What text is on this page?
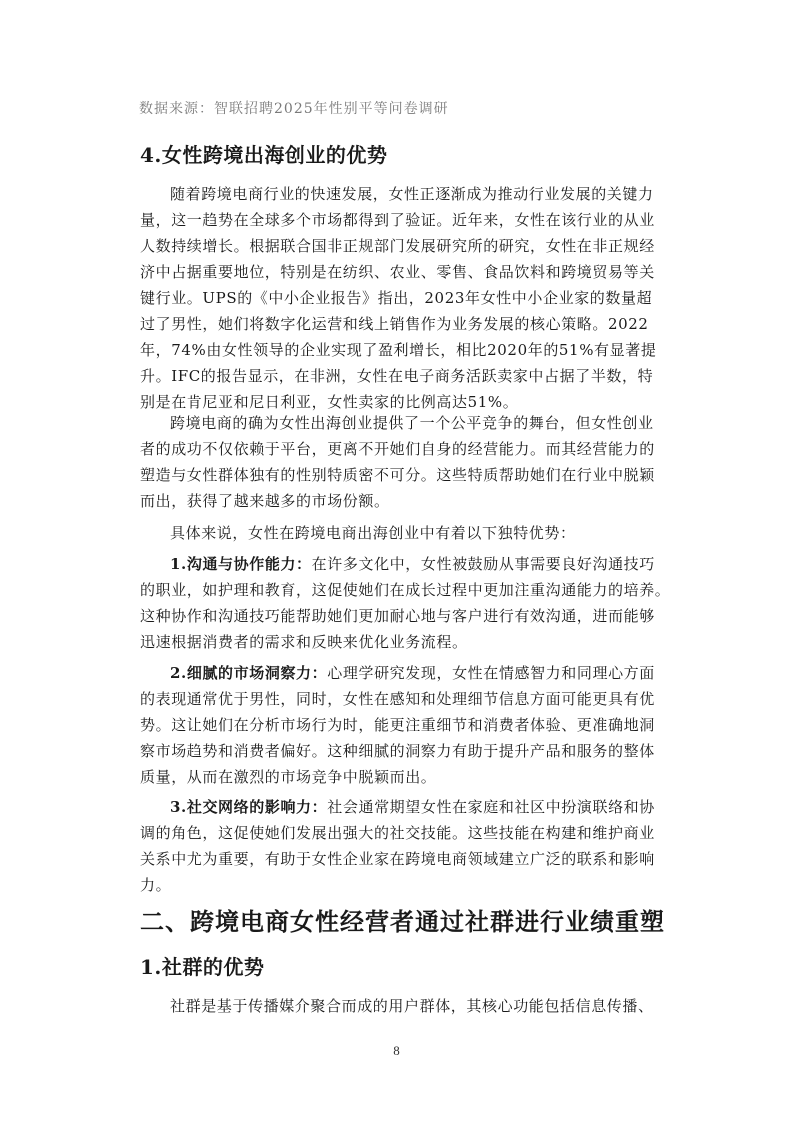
数据来源：智联招聘2025年性别平等问卷调研
4.女性跨境出海创业的优势
随着跨境电商行业的快速发展，女性正逐渐成为推动行业发展的关键力
量，这一趋势在全球多个市场都得到了验证。近年来，女性在该行业的从业
人数持续增长。根据联合国非正规部门发展研究所的研究，女性在非正规经
济中占据重要地位，特别是在纺织、农业、零售、食品饮料和跨境贸易等关
键行业。UPS的《中小企业报告》指出，2023年女性中小企业家的数量超
过了男性，她们将数字化运营和线上销售作为业务发展的核心策略。2022
年，74%由女性领导的企业实现了盈利增长，相比2020年的51%有显著提
升。IFC的报告显示，在非洲，女性在电子商务活跃卖家中占据了半数，特
别是在肯尼亚和尼日利亚，女性卖家的比例高达51%。
跨境电商的确为女性出海创业提供了一个公平竞争的舞台，但女性创业
者的成功不仅依赖于平台，更离不开她们自身的经营能力。而其经营能力的
塑造与女性群体独有的性别特质密不可分。这些特质帮助她们在行业中脱颖
而出，获得了越来越多的市场份额。
具体来说，女性在跨境电商出海创业中有着以下独特优势：
1.沟通与协作能力：在许多文化中，女性被鼓励从事需要良好沟通技巧
的职业，如护理和教育，这促使她们在成长过程中更加注重沟通能力的培养。
这种协作和沟通技巧能帮助她们更加耐心地与客户进行有效沟通，进而能够
迅速根据消费者的需求和反映来优化业务流程。
2.细腻的市场洞察力：心理学研究发现，女性在情感智力和同理心方面
的表现通常优于男性，同时，女性在感知和处理细节信息方面可能更具有优
势。这让她们在分析市场行为时，能更注重细节和消费者体验、更准确地洞
察市场趋势和消费者偏好。这种细腻的洞察力有助于提升产品和服务的整体
质量，从而在激烈的市场竞争中脱颖而出。
3.社交网络的影响力：社会通常期望女性在家庭和社区中扮演联络和协
调的角色，这促使她们发展出强大的社交技能。这些技能在构建和维护商业
关系中尤为重要，有助于女性企业家在跨境电商领域建立广泛的联系和影响
力。
二、跨境电商女性经营者通过社群进行业绩重塑
1.社群的优势
社群是基于传播媒介聚合而成的用户群体，其核心功能包括信息传播、
8
